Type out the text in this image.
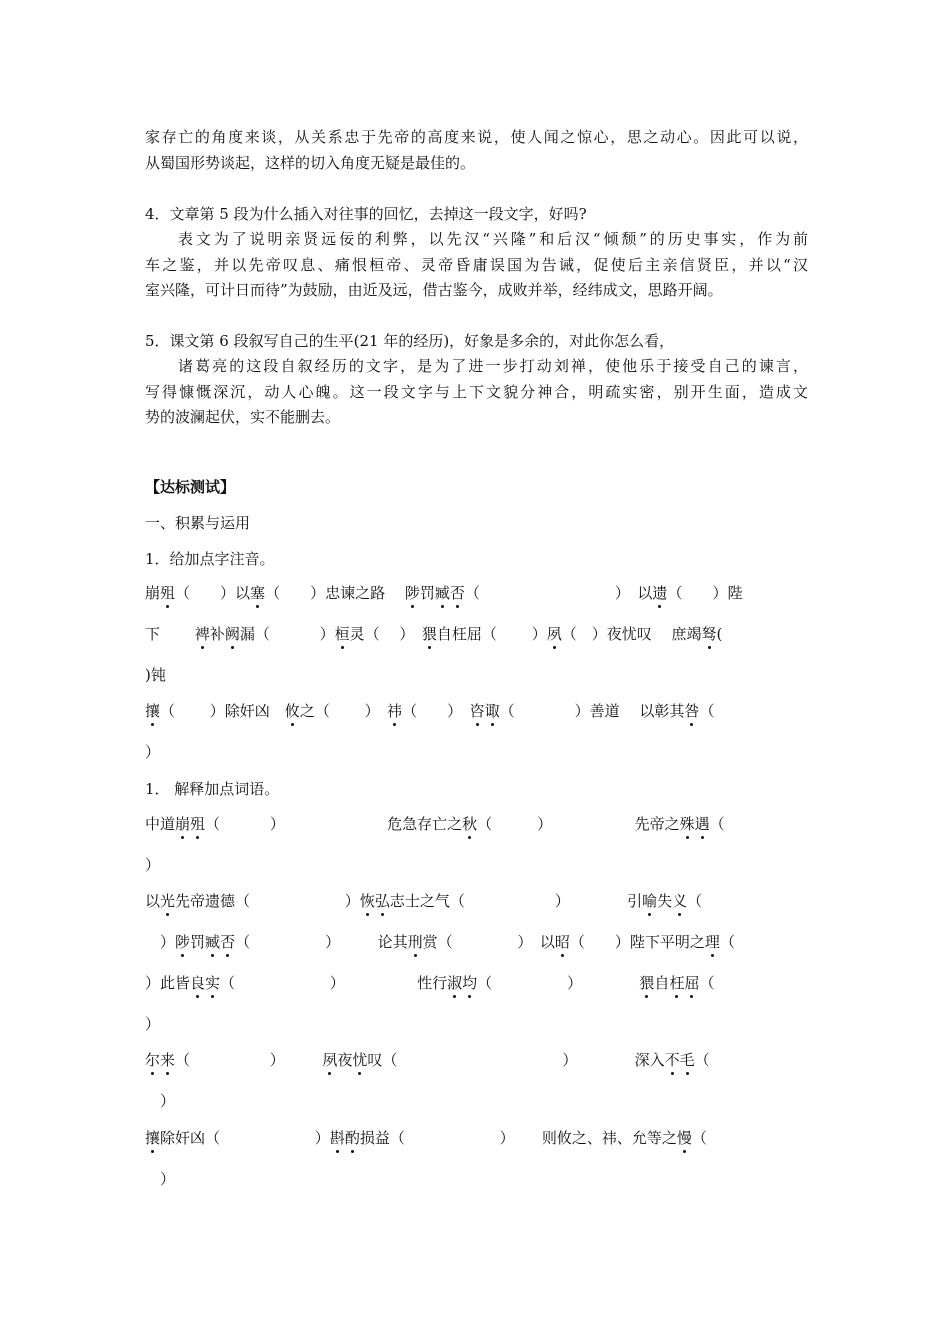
家存亡的角度来谈，从关系忠于先帝的高度来说，使人闻之惊心，思之动心。因此可以说，
从蜀国形势谈起，这样的切入角度无疑是最佳的。
4．文章第 5 段为什么插入对往事的回忆，去掉这一段文字，好吗?
表文为了说明亲贤远佞的利弊，以先汉“兴隆”和后汉“倾颓”的历史事实，作为前
车之鉴，并以先帝叹息、痛恨桓帝、灵帝昏庸误国为告诫，促使后主亲信贤臣，并以“汉
室兴隆，可计日而待”为鼓励，由近及远，借古鉴今，成败并举，经纬成文，思路开阔。
5．课文第 6 段叙写自己的生平(21 年的经历)，好象是多余的，对此你怎么看，
诸葛亮的这段自叙经历的文字，是为了进一步打动刘禅，使他乐于接受自己的谏言，
写得慷慨深沉，动人心魄。这一段文字与上下文貌分神合，明疏实密，别开生面，造成文
势的波澜起伏，实不能删去。
【达标测试】
一、积累与运用
1．给加点字注音。
崩殂（　　）以塞（　　）忠谏之路　 陟罚臧否（　　　　　　　　　）　以遗（　　）陛
下　　 裨补阙漏（　　　 ）桓灵（　 ）　猥自枉屈（　　 ）夙（　）夜忧叹　 庶竭驽(
)钝
攘（　　 ）除奸凶　攸之（　　 ）　祎（　　）　咨诹（　　　　）善道　 以彰其咎（
）
1． 解释加点词语。
中道崩殂（　　　 ）　　　　　　　 危急存亡之秋（　　　）　　　　　　先帝之殊遇（
）
以光先帝遗德（　　　　　　 ）恢弘志士之气（　　　　　　）　　　　 引喻失义（
　）陟罚臧否（　　　　　）　　　论其刑赏（　　　　 ）　以昭（　　）陛下平明之理（
）此皆良实（　　　　　　 ）　　　　　 性行淑均（　　　　　）　　　　 猥自枉屈（
）
尔来（　　　　　 ）　　　夙夜忧叹（　　　　　　　　　　　）　　　　 深入不毛（
　）
攘除奸凶（　　　　　　 ）斟酌损益（　　　　　　 ）　　 则攸之、祎、允等之慢（
　）
